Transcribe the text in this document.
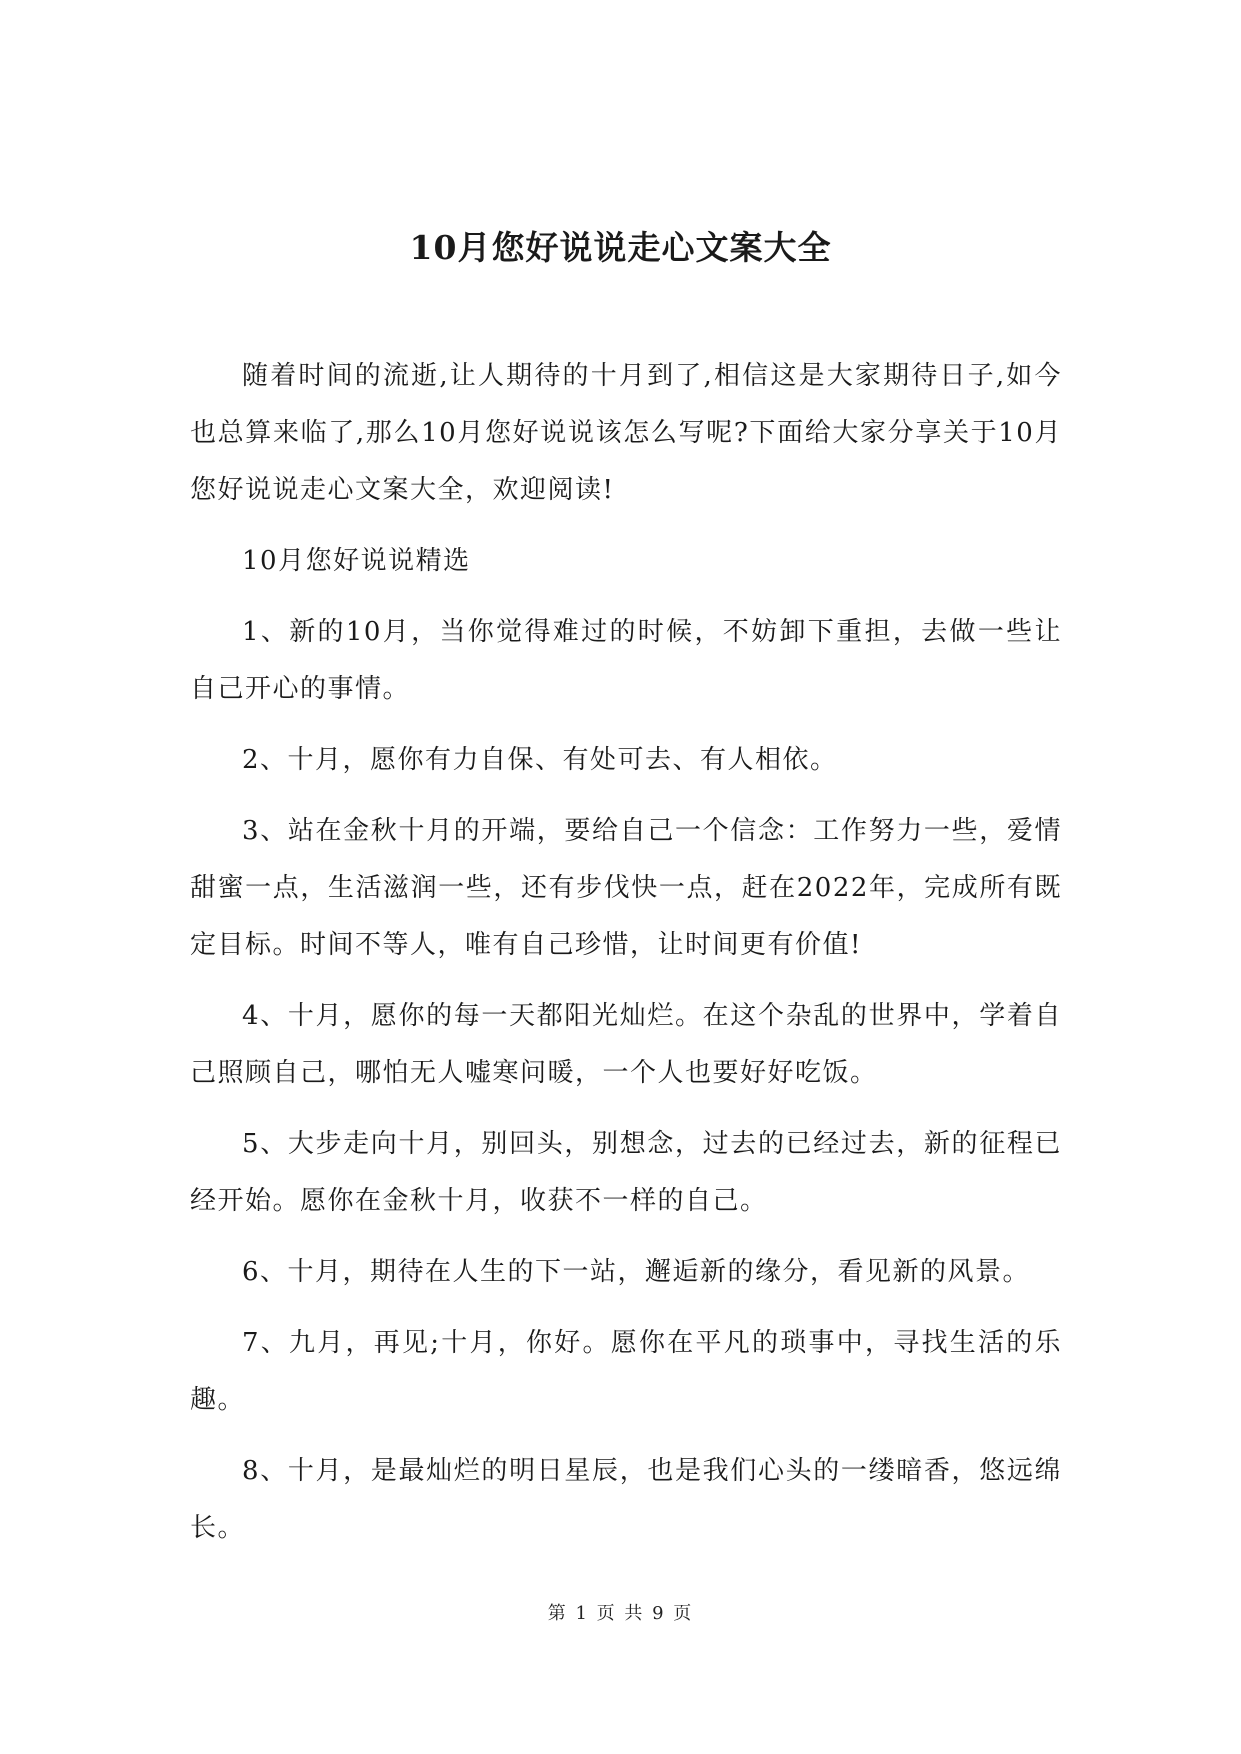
10月您好说说走心文案大全

随着时间的流逝,让人期待的十月到了,相信这是大家期待日子,如今也总算来临了,那么10月您好说说该怎么写呢?下面给大家分享关于10月您好说说走心文案大全，欢迎阅读!

10月您好说说精选

1、新的10月，当你觉得难过的时候，不妨卸下重担，去做一些让自己开心的事情。

2、十月，愿你有力自保、有处可去、有人相依。

3、站在金秋十月的开端，要给自己一个信念：工作努力一些，爱情甜蜜一点，生活滋润一些，还有步伐快一点，赶在2022年，完成所有既定目标。时间不等人，唯有自己珍惜，让时间更有价值!

4、十月，愿你的每一天都阳光灿烂。在这个杂乱的世界中，学着自己照顾自己，哪怕无人嘘寒问暖，一个人也要好好吃饭。

5、大步走向十月，别回头，别想念，过去的已经过去，新的征程已经开始。愿你在金秋十月，收获不一样的自己。

6、十月，期待在人生的下一站，邂逅新的缘分，看见新的风景。

7、九月，再见;十月，你好。愿你在平凡的琐事中，寻找生活的乐趣。

8、十月，是最灿烂的明日星辰，也是我们心头的一缕暗香，悠远绵长。

第 1 页 共 9 页
